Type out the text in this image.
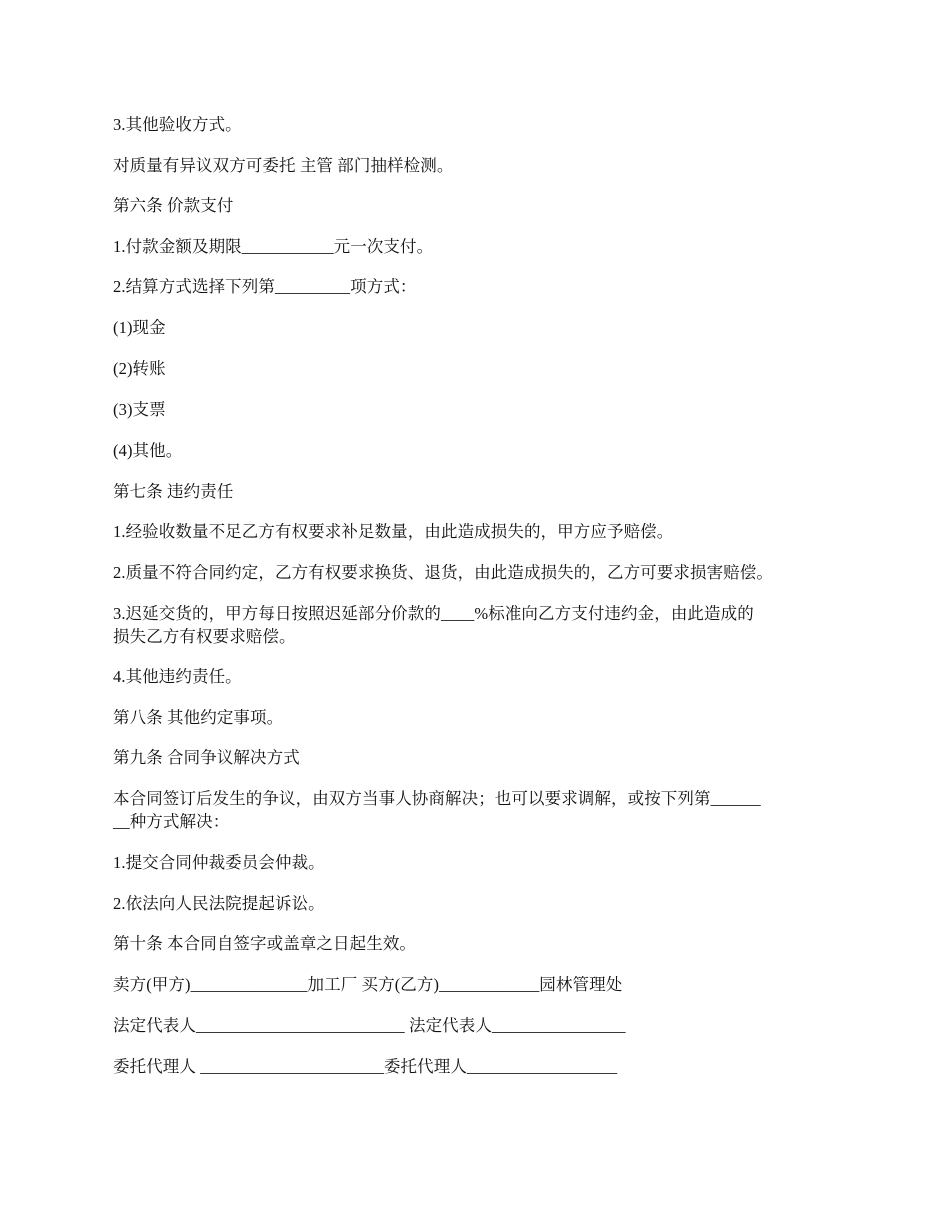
3.其他验收方式。
对质量有异议双方可委托 主管 部门抽样检测。
第六条 价款支付
1.付款金额及期限___________元一次支付。
2.结算方式选择下列第_________项方式：
(1)现金
(2)转账
(3)支票
(4)其他。
第七条 违约责任
1.经验收数量不足乙方有权要求补足数量，由此造成损失的，甲方应予赔偿。
2.质量不符合同约定，乙方有权要求换货、退货，由此造成损失的，乙方可要求损害赔偿。
3.迟延交货的，甲方每日按照迟延部分价款的____%标准向乙方支付违约金，由此造成的
损失乙方有权要求赔偿。
4.其他违约责任。
第八条 其他约定事项。
第九条 合同争议解决方式
本合同签订后发生的争议，由双方当事人协商解决；也可以要求调解，或按下列第______
__种方式解决：
1.提交合同仲裁委员会仲裁。
2.依法向人民法院提起诉讼。
第十条 本合同自签字或盖章之日起生效。
卖方(甲方)______________加工厂 买方(乙方)____________园林管理处
法定代表人_________________________ 法定代表人________________
委托代理人 ______________________委托代理人__________________
